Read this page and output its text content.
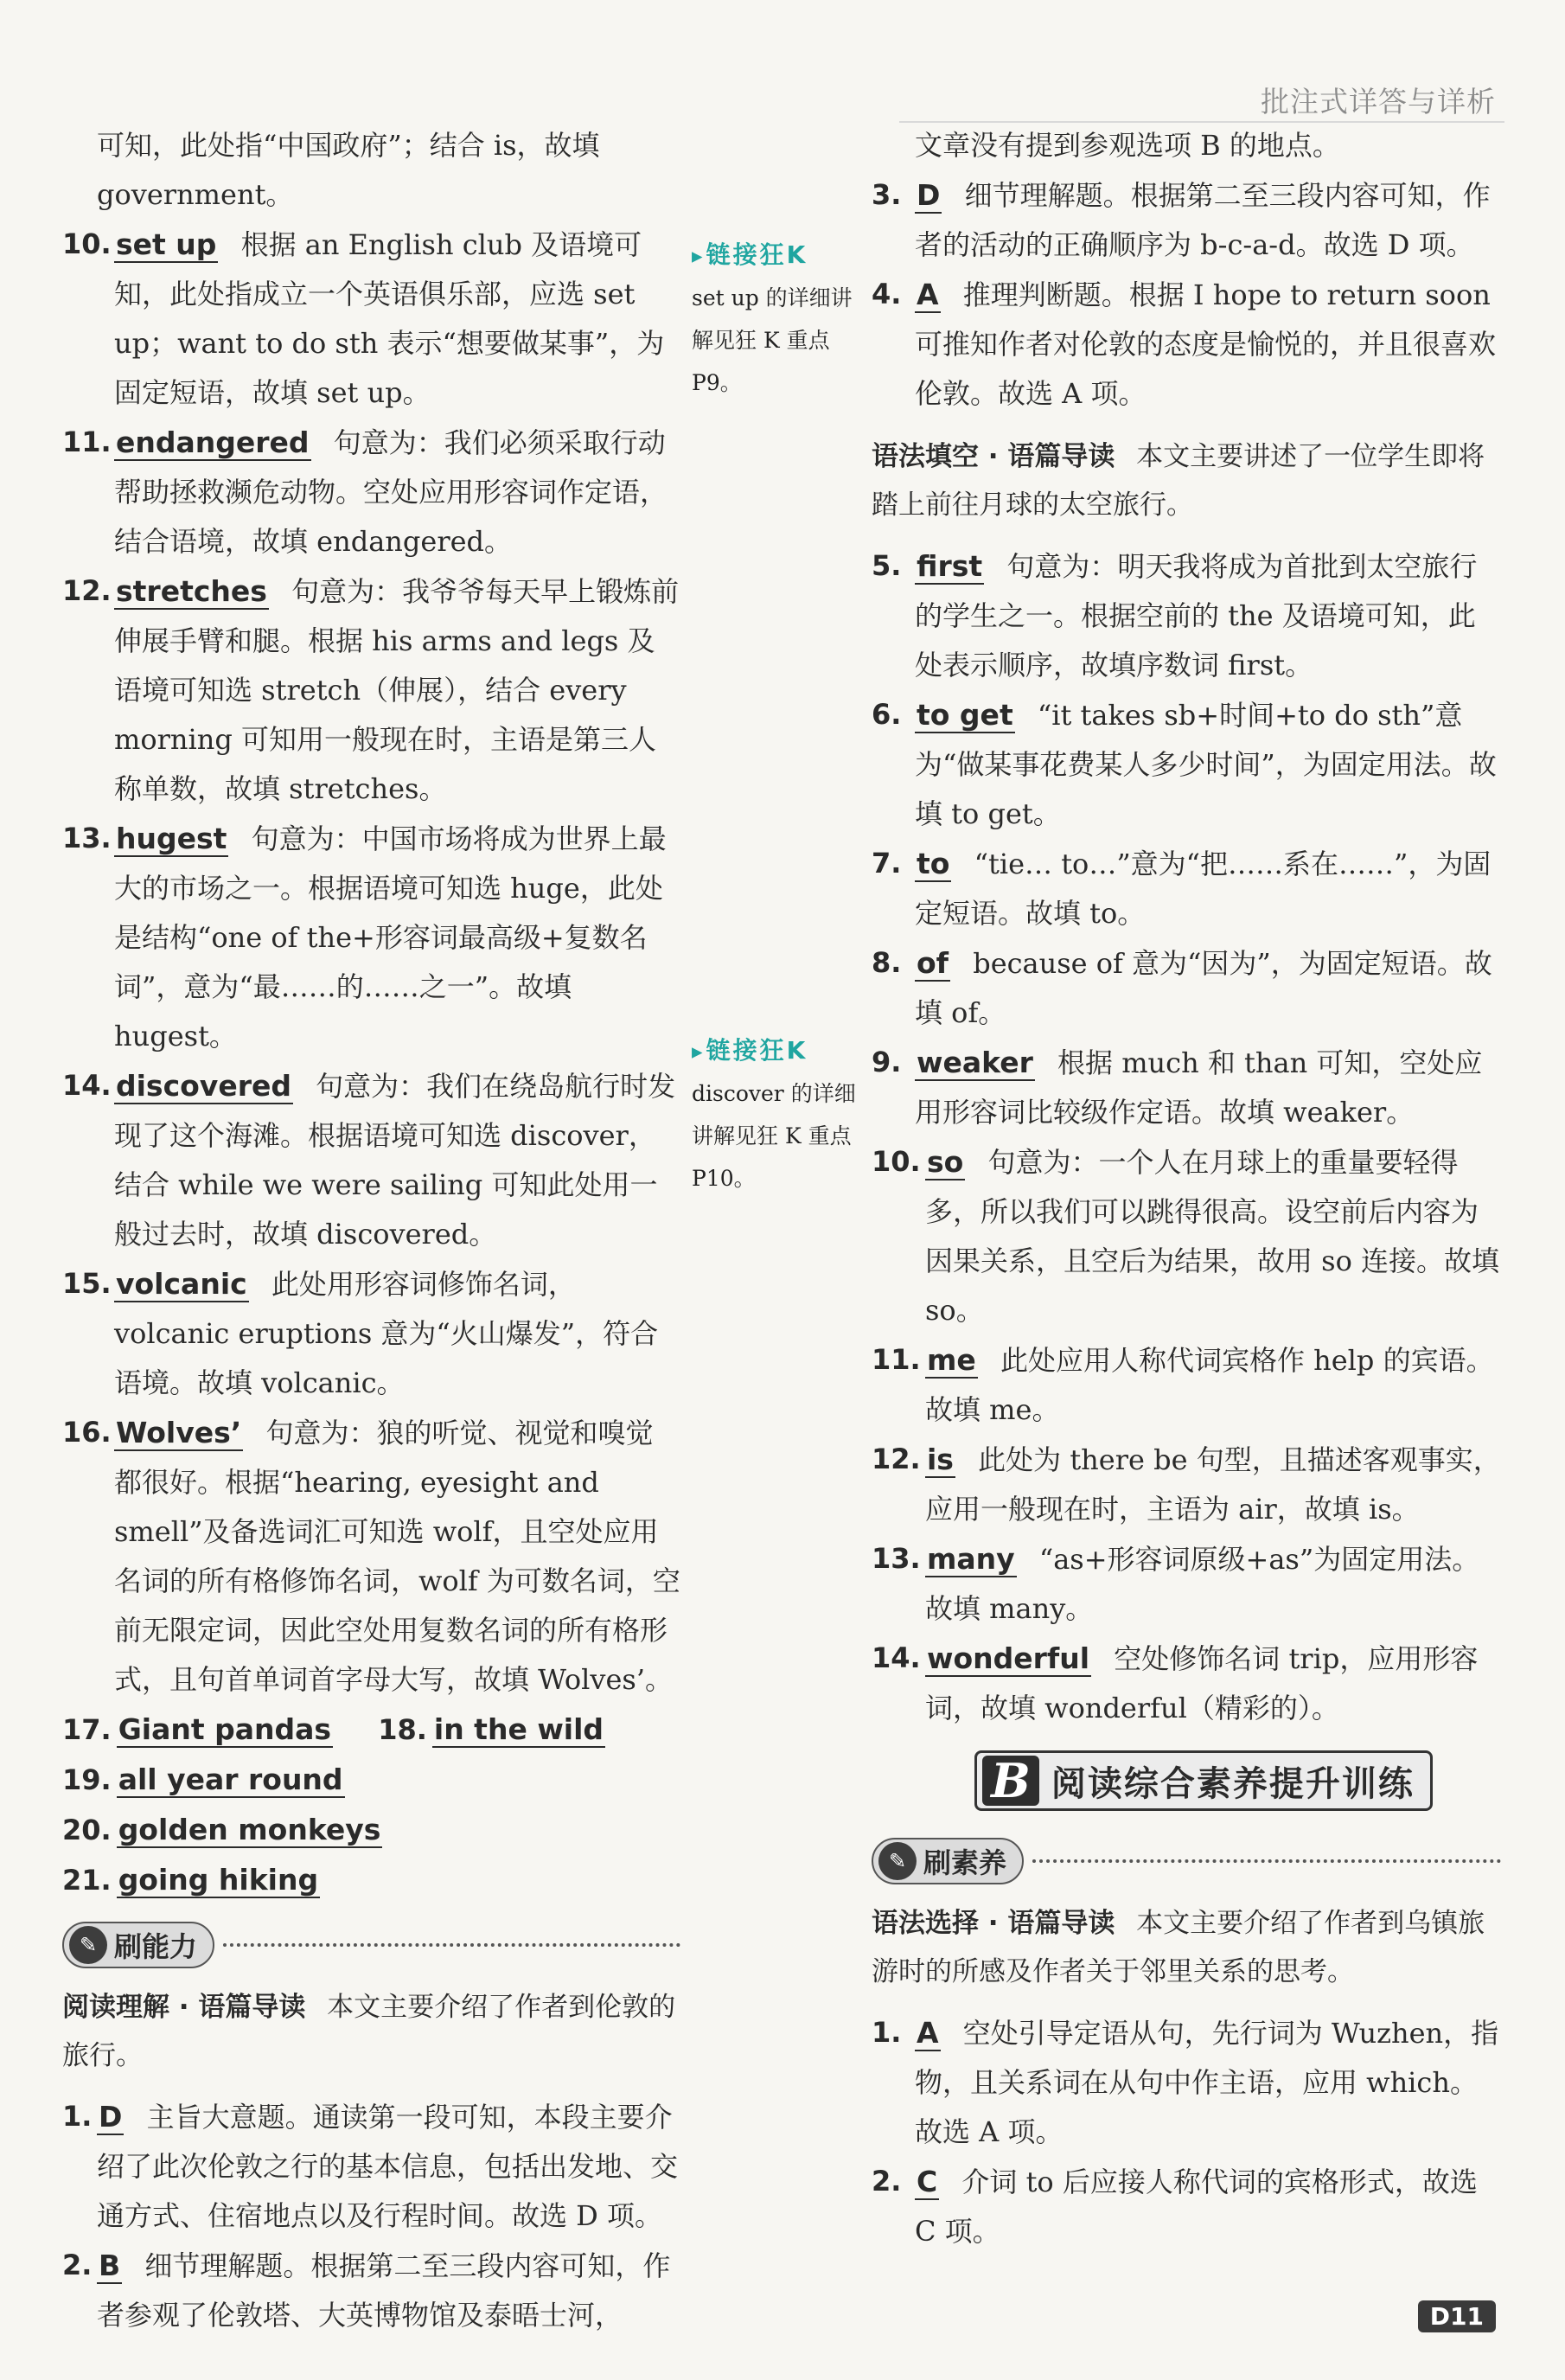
批注式详答与详析
可知，此处指“中国政府”；结合 is，故填 government。
10. set up 根据 an English club 及语境可知，此处指成立一个英语俱乐部，应选 set up；want to do sth 表示“想要做某事”，为固定短语，故填 set up。
11. endangered 句意为：我们必须采取行动帮助拯救濒危动物。空处应用形容词作定语，结合语境，故填 endangered。
12. stretches 句意为：我爷爷每天早上锻炼前伸展手臂和腿。根据 his arms and legs 及语境可知选 stretch（伸展），结合 every morning 可知用一般现在时，主语是第三人称单数，故填 stretches。
13. hugest 句意为：中国市场将成为世界上最大的市场之一。根据语境可知选 huge，此处是结构“one of the+形容词最高级+复数名词”，意为“最……的……之一”。故填 hugest。
14. discovered 句意为：我们在绕岛航行时发现了这个海滩。根据语境可知选 discover，结合 while we were sailing 可知此处用一般过去时，故填 discovered。
15. volcanic 此处用形容词修饰名词，volcanic eruptions 意为“火山爆发”，符合语境。故填 volcanic。
16. Wolves’ 句意为：狼的听觉、视觉和嗅觉都很好。根据“hearing, eyesight and smell”及备选词汇可知选 wolf，且空处应用名词的所有格修饰名词，wolf 为可数名词，空前无限定词，因此空处用复数名词的所有格形式，且句首单词首字母大写，故填 Wolves’。
17. Giant pandas 18. in the wild
19. all year round 20. golden monkeys
21. going hiking
✎ 刷能力
阅读理解 · 语篇导读 本文主要介绍了作者到伦敦的旅行。
1. D 主旨大意题。通读第一段可知，本段主要介绍了此次伦敦之行的基本信息，包括出发地、交通方式、住宿地点以及行程时间。故选 D 项。
2. B 细节理解题。根据第二至三段内容可知，作者参观了伦敦塔、大英博物馆及泰晤士河，
▸ 链接狂K
set up 的详细讲解见狂 K 重点 P9。
▸ 链接狂K
discover 的详细讲解见狂 K 重点 P10。
文章没有提到参观选项 B 的地点。
3. D 细节理解题。根据第二至三段内容可知，作者的活动的正确顺序为 b-c-a-d。故选 D 项。
4. A 推理判断题。根据 I hope to return soon 可推知作者对伦敦的态度是愉悦的，并且很喜欢伦敦。故选 A 项。
语法填空 · 语篇导读 本文主要讲述了一位学生即将踏上前往月球的太空旅行。
5. first 句意为：明天我将成为首批到太空旅行的学生之一。根据空前的 the 及语境可知，此处表示顺序，故填序数词 first。
6. to get “it takes sb+时间+to do sth”意为“做某事花费某人多少时间”，为固定用法。故填 to get。
7. to “tie… to…”意为“把……系在……”，为固定短语。故填 to。
8. of because of 意为“因为”，为固定短语。故填 of。
9. weaker 根据 much 和 than 可知，空处应用形容词比较级作定语。故填 weaker。
10. so 句意为：一个人在月球上的重量要轻得多，所以我们可以跳得很高。设空前后内容为因果关系，且空后为结果，故用 so 连接。故填 so。
11. me 此处应用人称代词宾格作 help 的宾语。故填 me。
12. is 此处为 there be 句型，且描述客观事实，应用一般现在时，主语为 air，故填 is。
13. many “as+形容词原级+as”为固定用法。故填 many。
14. wonderful 空处修饰名词 trip，应用形容词，故填 wonderful（精彩的）。
B 阅读综合素养提升训练
✎ 刷素养
语法选择 · 语篇导读 本文主要介绍了作者到乌镇旅游时的所感及作者关于邻里关系的思考。
1. A 空处引导定语从句，先行词为 Wuzhen，指物，且关系词在从句中作主语，应用 which。故选 A 项。
2. C 介词 to 后应接人称代词的宾格形式，故选 C 项。
D11
